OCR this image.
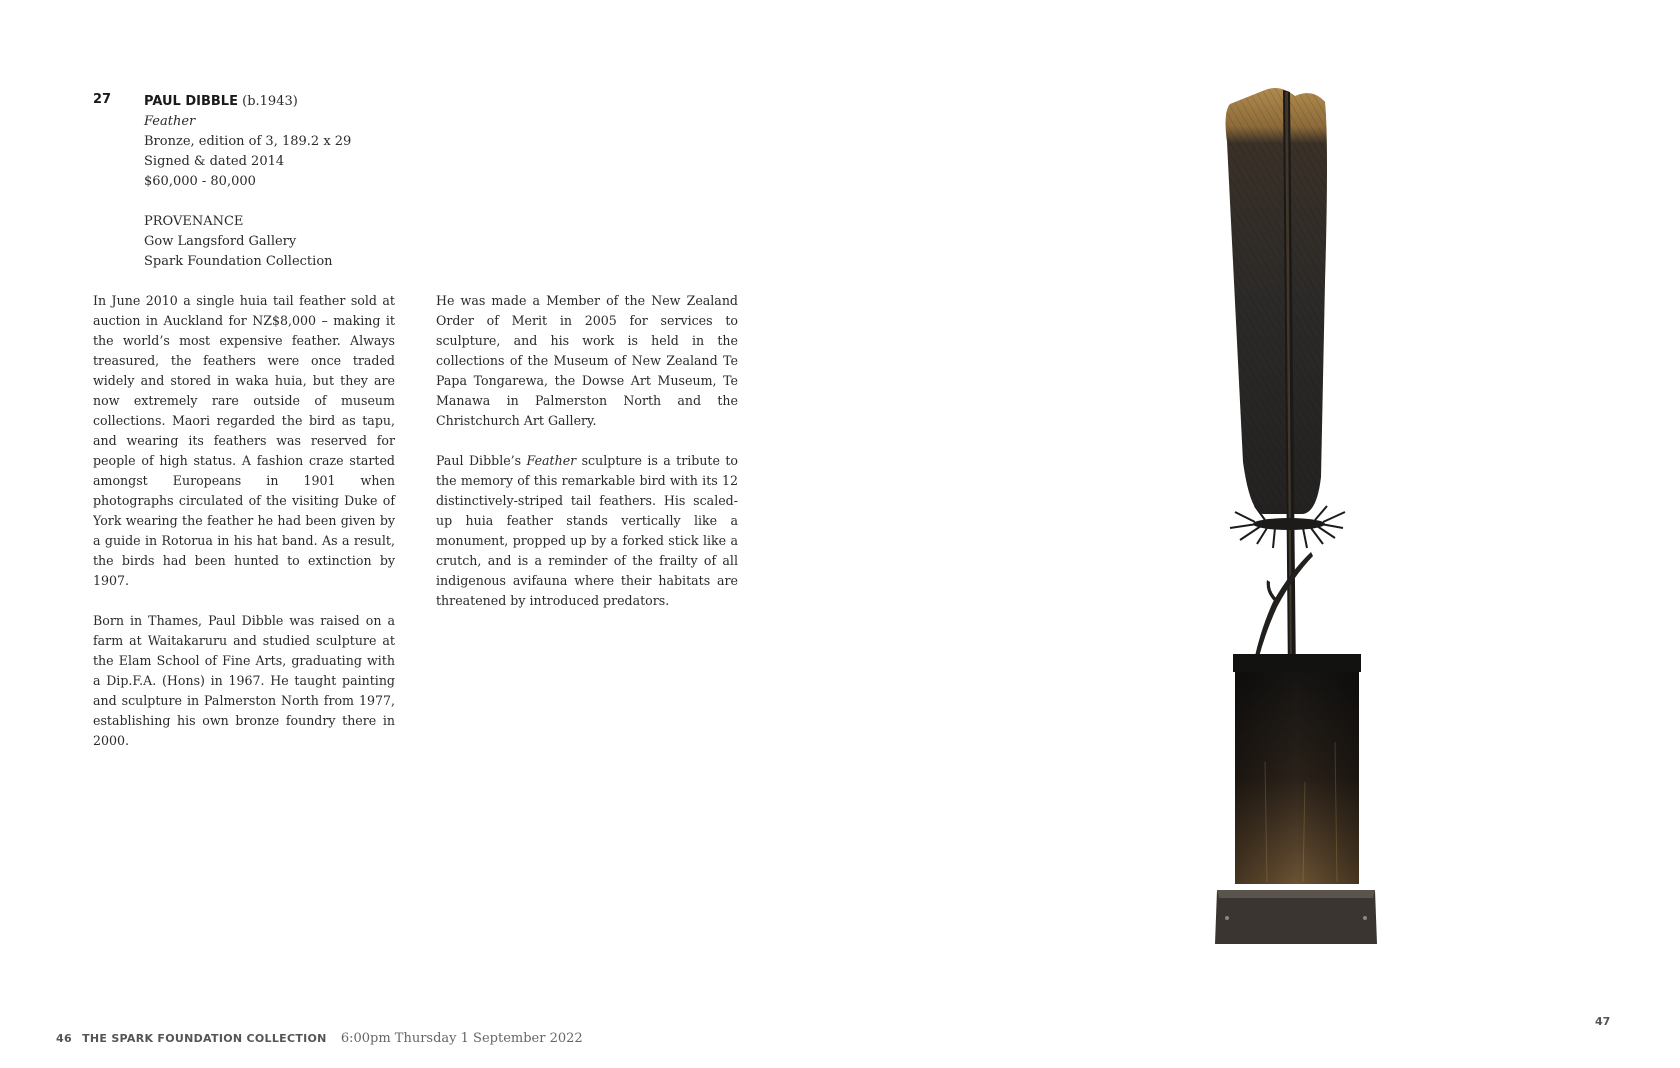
27	PAUL DIBBLE (b.1943)
Feather
Bronze, edition of 3, 189.2 x 29
Signed & dated 2014
$60,000 - 80,000
PROVENANCE
Gow Langsford Gallery
Spark Foundation Collection

In June 2010 a single huia tail feather sold at auction in Auckland for NZ$8,000 – making it the world’s most expensive feather. Always treasured, the feathers were once traded widely and stored in waka huia, but they are now extremely rare outside of museum collections. Maori regarded the bird as tapu, and wearing its feathers was reserved for people of high status. A fashion craze started amongst Europeans in 1901 when photographs circulated of the visiting Duke of York wearing the feather he had been given by a guide in Rotorua in his hat band. As a result, the birds had been hunted to extinction by 1907.

Born in Thames, Paul Dibble was raised on a farm at Waitakaruru and studied sculpture at the Elam School of Fine Arts, graduating with a Dip.F.A. (Hons) in 1967. He taught painting and sculpture in Palmerston North from 1977, establishing his own bronze foundry there in 2000.

He was made a Member of the New Zealand Order of Merit in 2005 for services to sculpture, and his work is held in the collections of the Museum of New Zealand Te Papa Tongarewa, the Dowse Art Museum, Te Manawa in Palmerston North and the Christchurch Art Gallery.

Paul Dibble’s Feather sculpture is a tribute to the memory of this remarkable bird with its 12 distinctively-striped tail feathers. His scaled-up huia feather stands vertically like a monument, propped up by a forked stick like a crutch, and is a reminder of the frailty of all indigenous avifauna where their habitats are threatened by introduced predators.

46 THE SPARK FOUNDATION COLLECTION 6:00pm Thursday 1 September 2022
47
